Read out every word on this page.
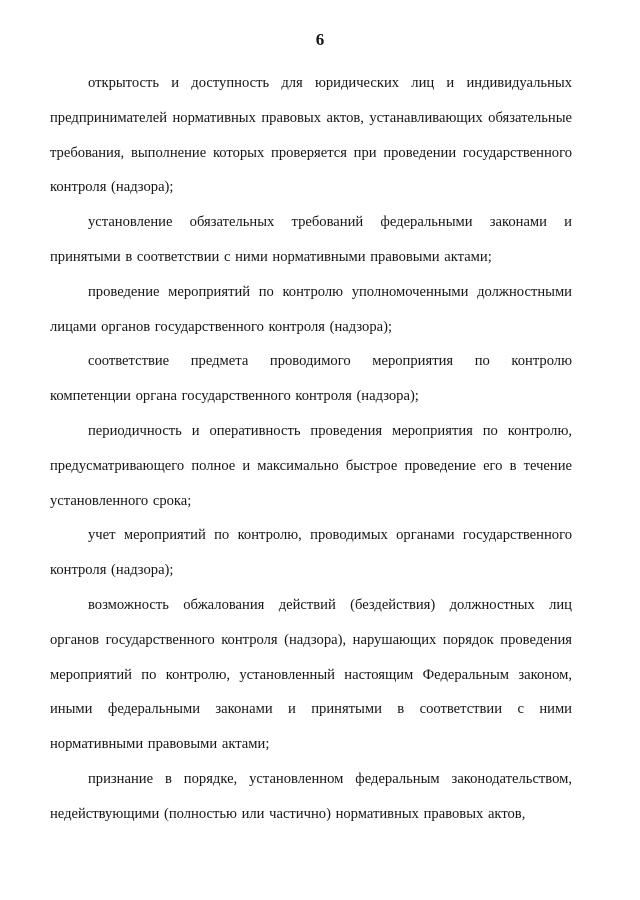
6

открытость и доступность для юридических лиц и индивидуальных предпринимателей нормативных правовых актов, устанавливающих обязательные требования, выполнение которых проверяется при проведении государственного контроля (надзора);

установление обязательных требований федеральными законами и принятыми в соответствии с ними нормативными правовыми актами;

проведение мероприятий по контролю уполномоченными должностными лицами органов государственного контроля (надзора);

соответствие предмета проводимого мероприятия по контролю компетенции органа государственного контроля (надзора);

периодичность и оперативность проведения мероприятия по контролю, предусматривающего полное и максимально быстрое проведение его в течение установленного срока;

учет мероприятий по контролю, проводимых органами государственного контроля (надзора);

возможность обжалования действий (бездействия) должностных лиц органов государственного контроля (надзора), нарушающих порядок проведения мероприятий по контролю, установленный настоящим Федеральным законом, иными федеральными законами и принятыми в соответствии с ними нормативными правовыми актами;

признание в порядке, установленном федеральным законодательством, недействующими (полностью или частично) нормативных правовых актов,
